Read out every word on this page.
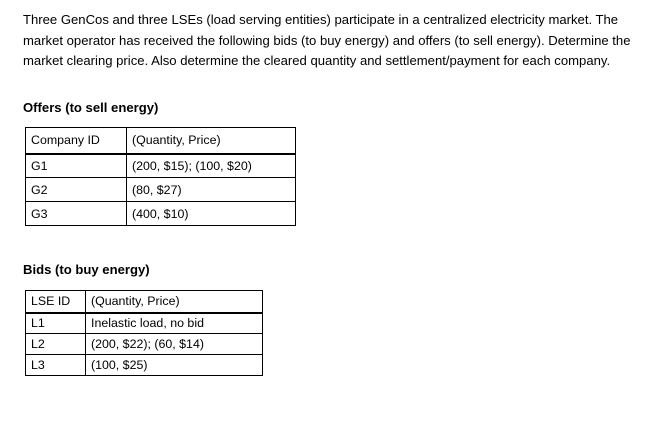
Three GenCos and three LSEs (load serving entities) participate in a centralized electricity market. The market operator has received the following bids (to buy energy) and offers (to sell energy). Determine the market clearing price. Also determine the cleared quantity and settlement/payment for each company.

Offers (to sell energy)

Company ID	(Quantity, Price)
G1	(200, $15); (100, $20)
G2	(80, $27)
G3	(400, $10)

Bids (to buy energy)

LSE ID	(Quantity, Price)
L1	Inelastic load, no bid
L2	(200, $22); (60, $14)
L3	(100, $25)
